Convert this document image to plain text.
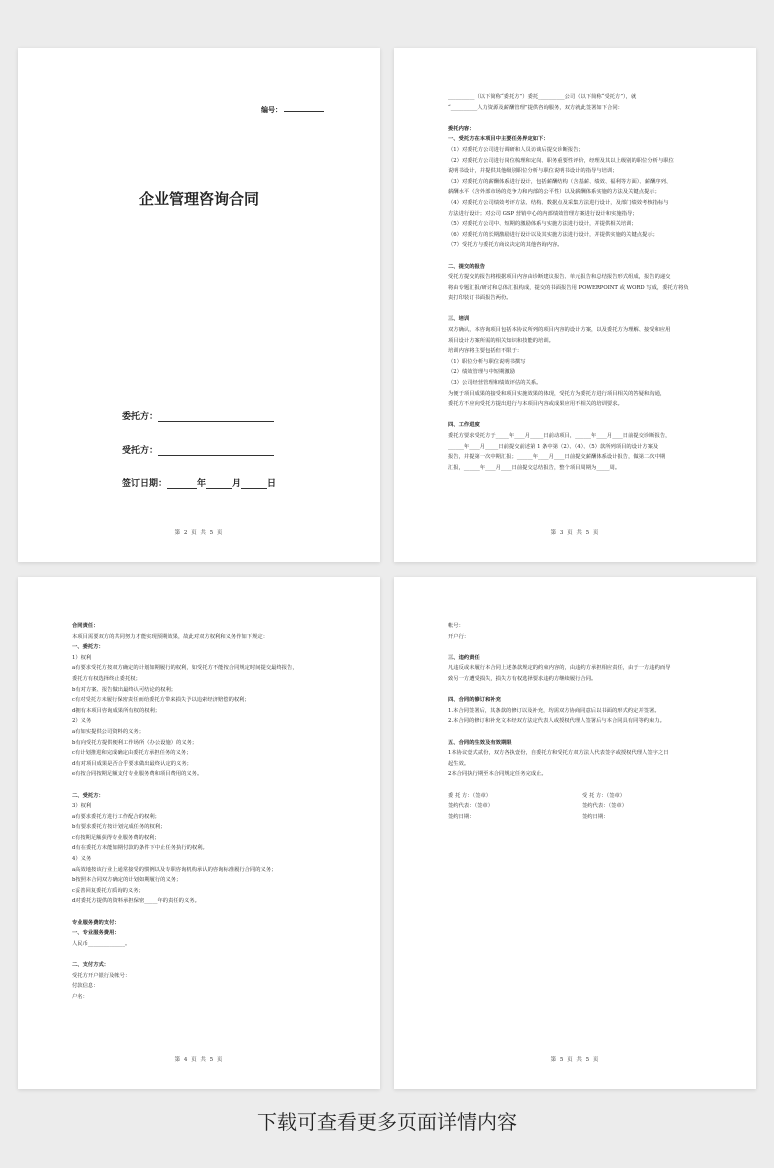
编号：
企业管理咨询合同
委托方：
受托方：
签订日期：	年	月	日
第 2 页 共 5 页

__________（以下简称“委托方”）委托__________公司（以下简称“受托方”），就

“__________人力资源及薪酬管理”提供咨询服务，双方就此签署如下合同：

委托内容：

一、受托方在本项目中主要任务界定如下：

（1）对委托方公司进行调研和人员访谈后提交诊断报告；

（2）对委托方公司进行岗位梳理和定岗、职务重要性评价，经理及其以上级别的职位分析与职位

说明书设计，并提供其他级别职位分析与职位说明书设计的指导与培训；

（3）对委托方的薪酬体系进行设计，包括薪酬结构（含基薪、绩效、福利等方面）、薪酬序列、

薪酬水平（含外部市场的竞争力和内部的公平性）以及薪酬体系实施的方法及关键点提示；

（4）对委托方公司绩效考评方法、结构、数据点及采集方法进行设计，及部门绩效考核指标与

方法进行设计；对公司 GSP 营销中心的内部绩效管理方案进行设计和实施指导；

（5）对委托方公司中、短期的激励体系与实施方法进行设计，并提供相关培训；

（6）对委托方的长期激励进行设计以及其实施方法进行设计，并提供实施的关键点提示；

（7）受托方与委托方商议决定的其他咨询内容。

二、提交的报告

受托方提交的报告将根据项目内容由诊断建议报告、单元报告和总结报告形式组成，报告的递交

将由专题汇报/研讨和总体汇报构成，提交的书面报告用 POWERPOINT 或 WORD 写成，委托方将负

责打印装订书面报告两份。

三、培训

双方确认，本咨询项目包括本协议所列的项目内容的设计方案，以及委托方为理解、接受和应用

项目设计方案所需的相关知识和技能的培训。

培训内容将主要包括但不限于：

（1）职位分析与职位说明书撰写

（2）绩效管理与中短期激励

（3）公司经营管理和绩效评估的关系。

为便于项目成果的接受和项目实施效果的体现，受托方为委托方进行项目相关的答疑和沟通，

委托方不应向受托方提出进行与本项目内容或成果应用不相关的培训要求。

四、工作进度

委托方要求受托方于_____年____月_____日前动项目，______年____月____日前提交诊断报告，

______年____月_____日前提交前述第 1 条中第（2）、（4）、（5）款所列项目的设计方案及

报告，并提第一次中期汇报；______年____月____日前提交薪酬体系设计报告，做第二次中期

汇报，______年____月____日前提交总结报告，整个项目周期为_____周。

第 3 页 共 5 页

合同责任：

本项目需要双方的共同努力才能实现预期效果，故此对双方权利和义务作如下规定：

一、委托方：

1）权利

a有要求受托方按双方确定的计划如期履行的权利，如受托方不能按合同规定时间提交最终报告，

委托方有权选择终止委托权；

b有对方案、报告做出最终认可结论的权利；

c有对受托方未履行保密责任而给委托方带来损失予以追索经济赔偿的权利；

d拥有本项目咨询成果所有权的权利；

2）义务

a有如实提供公司资料的义务；

b有向受托方提供便利工作场所（办公设施）的义务；

c有计划推进和完成确定由委托方承担任务的义务；

d有对项目成果是否合乎要求做出最终认定的义务；

e有按合同按期足额支付专业服务费和项目费用的义务。

二、受托方：

3）权利

a有要求委托方进行工作配合的权利；

b有要求委托方按计划完成任务的权利；

c有按期足额获得专业服务费的权利；

d有在委托方未能如期付款的条件下中止任务执行的权利。

4）义务

a高效地按该行业上通常接受的惯例以及专职咨询机构承认的咨询标准履行合同的义务；

b按照本合同双方确定的计划如期履行的义务；

c妥善回复委托方质询的义务；

d对委托方提供的资料承担保密_____年的责任的义务。

专业服务费的支付：

一、专业服务费用：

人民币______________。

二、支付方式：

受托方开户银行及帐号：

付款信息：

户名：

第 4 页 共 5 页

帐号：

开户行：

三、违约责任

凡违反或未履行本合同上述条款规定的约束内容的，由违约方承担相应责任，由于一方违约而导

致另一方遭受损失，损失方有权选择要求违约方继续履行合同。

四、合同的修订和补充

1.本合同签署后，其条款的修订以及补充，均需双方协商同意后以书面的形式约定并签署。

2.本合同的修订和补充文本经双方法定代表人或授权代理人签署后与本合同具有同等约束力。

五、合同的生效及有效期限

1本协议壹式贰份，双方各执壹份，自委托方和受托方双方法人代表签字或授权代理人签字之日

起生效。

2本合同执行期至本合同规定任务完成止。

委 托 方：（签章）

签约代表：（签章）

签约日期：

受 托 方：（签章）

签约代表：（签章）

签约日期：

第 5 页 共 5 页
下载可查看更多页面详情内容
